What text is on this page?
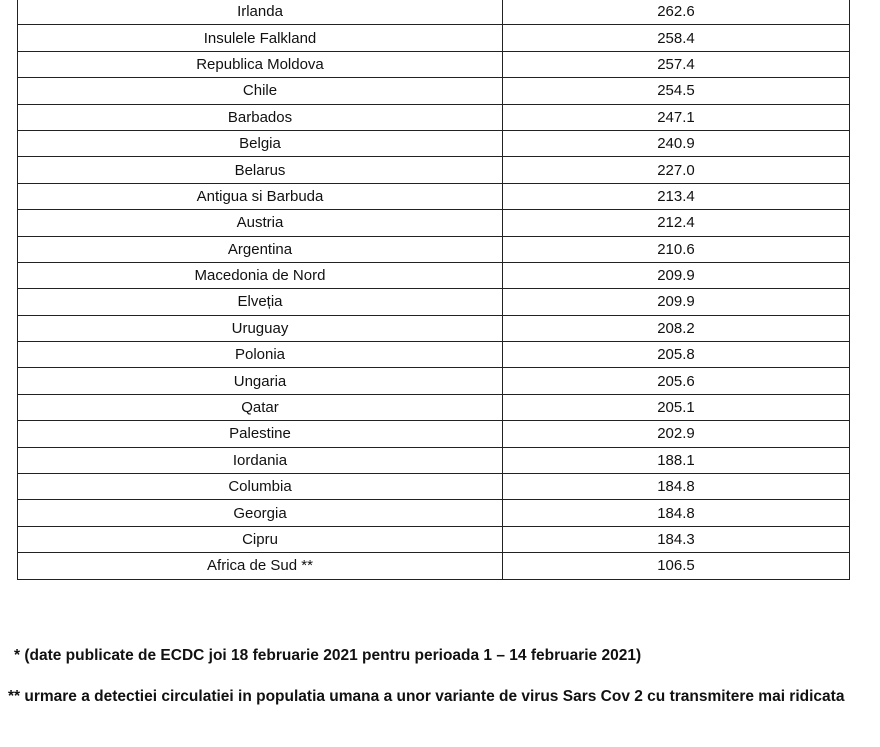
Irlanda	262.6
Insulele Falkland	258.4
Republica Moldova	257.4
Chile	254.5
Barbados	247.1
Belgia	240.9
Belarus	227.0
Antigua si Barbuda	213.4
Austria	212.4
Argentina	210.6
Macedonia de Nord	209.9
Elveția	209.9
Uruguay	208.2
Polonia	205.8
Ungaria	205.6
Qatar	205.1
Palestine	202.9
Iordania	188.1
Columbia	184.8
Georgia	184.8
Cipru	184.3
Africa de Sud **	106.5
* (date publicate de ECDC joi 18 februarie 2021 pentru perioada 1 – 14 februarie 2021)
** urmare a detectiei circulatiei in populatia umana a unor variante de virus Sars Cov 2 cu transmitere mai ridicata
